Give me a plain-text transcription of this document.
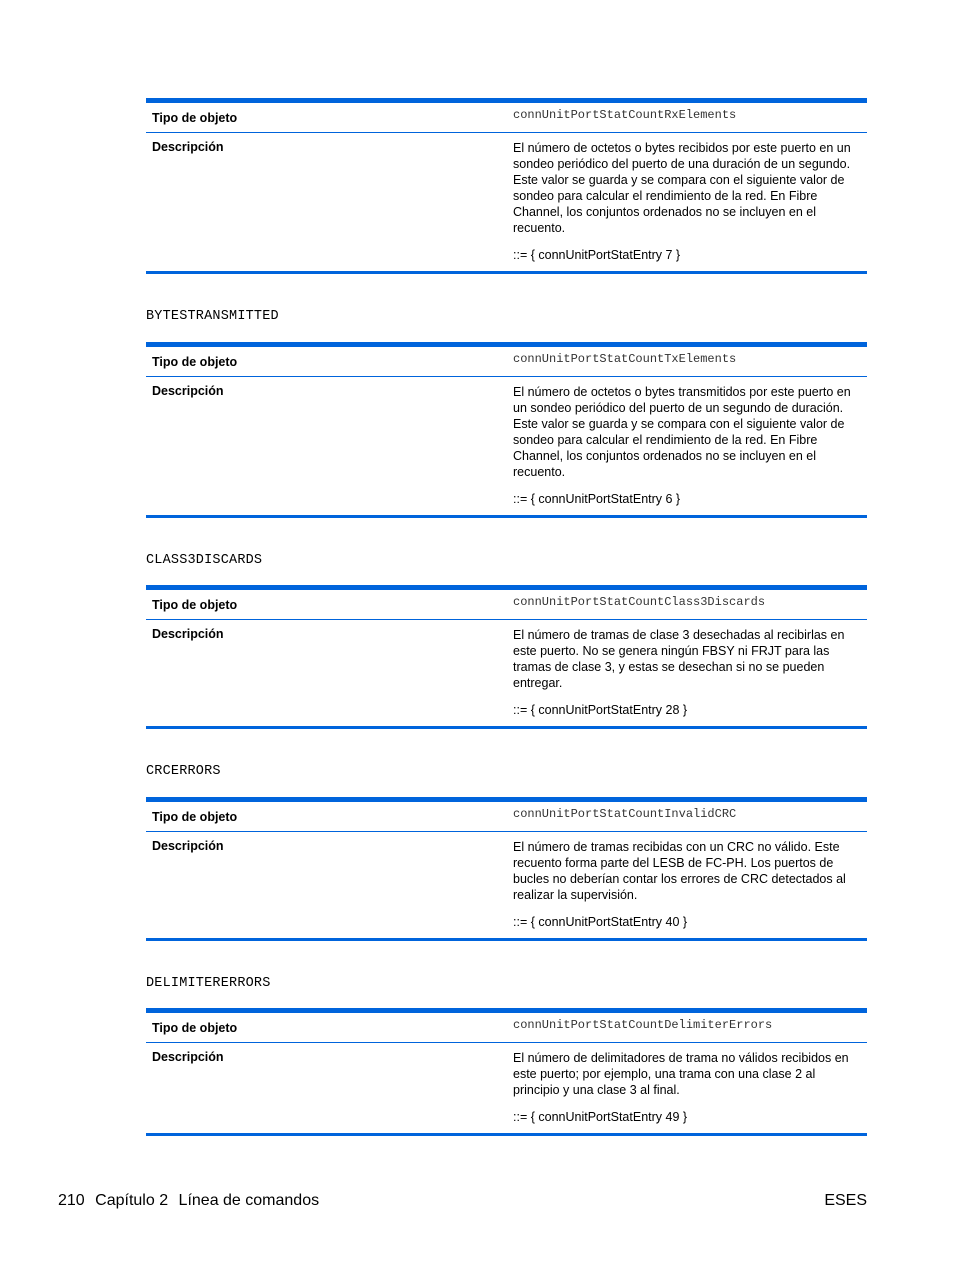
Tipo de objeto	connUnitPortStatCountRxElements
Descripción	El número de octetos o bytes recibidos por este puerto en un sondeo periódico del puerto de una duración de un segundo. Este valor se guarda y se compara con el siguiente valor de sondeo para calcular el rendimiento de la red. En Fibre Channel, los conjuntos ordenados no se incluyen en el recuento.
::= { connUnitPortStatEntry 7 }
BYTESTRANSMITTED
Tipo de objeto	connUnitPortStatCountTxElements
Descripción	El número de octetos o bytes transmitidos por este puerto en un sondeo periódico del puerto de un segundo de duración. Este valor se guarda y se compara con el siguiente valor de sondeo para calcular el rendimiento de la red. En Fibre Channel, los conjuntos ordenados no se incluyen en el recuento.
::= { connUnitPortStatEntry 6 }
CLASS3DISCARDS
Tipo de objeto	connUnitPortStatCountClass3Discards
Descripción	El número de tramas de clase 3 desechadas al recibirlas en este puerto. No se genera ningún FBSY ni FRJT para las tramas de clase 3, y estas se desechan si no se pueden entregar.
::= { connUnitPortStatEntry 28 }
CRCERRORS
Tipo de objeto	connUnitPortStatCountInvalidCRC
Descripción	El número de tramas recibidas con un CRC no válido. Este recuento forma parte del LESB de FC-PH. Los puertos de bucles no deberían contar los errores de CRC detectados al realizar la supervisión.
::= { connUnitPortStatEntry 40 }
DELIMITERERRORS
Tipo de objeto	connUnitPortStatCountDelimiterErrors
Descripción	El número de delimitadores de trama no válidos recibidos en este puerto; por ejemplo, una trama con una clase 2 al principio y una clase 3 al final.
::= { connUnitPortStatEntry 49 }
210 Capítulo 2 Línea de comandos	ESES
